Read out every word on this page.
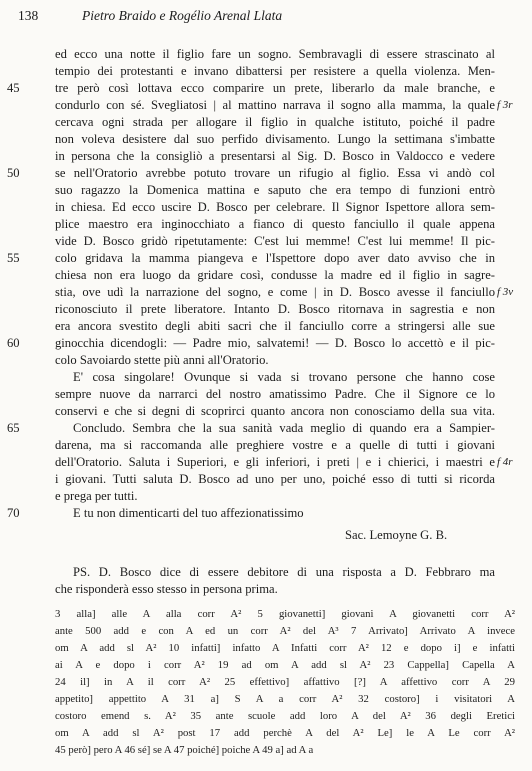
138	Pietro Braido e Rogélio Arenal Llata
ed ecco una notte il figlio fare un sogno. Sembravagli di essere strascinato al
tempio dei protestanti e invano dibattersi per resistere a quella violenza. Men-
tre però così lottava ecco comparire un prete, liberarlo da male branche, e
condurlo con sé. Svegliatosi | al mattino narrava il sogno alla mamma, la quale
cercava ogni strada per allogare il figlio in qualche istituto, poiché il padre
non voleva desistere dal suo perfido divisamento. Lungo la settimana s'imbatte
in persona che la consigliò a presentarsi al Sig. D. Bosco in Valdocco e vedere
se nell'Oratorio avrebbe potuto trovare un rifugio al figlio. Essa vi andò col
suo ragazzo la Domenica mattina e saputo che era tempo di funzioni entrò
in chiesa. Ed ecco uscire D. Bosco per celebrare. Il Signor Ispettore allora sem-
plice maestro era inginocchiato a fianco di questo fanciullo il quale appena
vide D. Bosco gridò ripetutamente: C'est lui memme! C'est lui memme! Il pic-
colo gridava la mamma piangeva e l'Ispettore dopo aver dato avviso che in
chiesa non era luogo da gridare così, condusse la madre ed il figlio in sagre-
stia, ove udì la narrazione del sogno, e come | in D. Bosco avesse il fanciullo
riconosciuto il prete liberatore. Intanto D. Bosco ritornava in sagrestia e non
era ancora svestito degli abiti sacri che il fanciullo corre a stringersi alle sue
ginocchia dicendogli: — Padre mio, salvatemi! — D. Bosco lo accettò e il pic-
colo Savoiardo stette più anni all'Oratorio.
E' cosa singolare! Ovunque si vada si trovano persone che hanno cose
sempre nuove da narrarci del nostro amatissimo Padre. Che il Signore ce lo
conservi e che si degni di scoprirci quanto ancora non conosciamo della sua vita.
Concludo. Sembra che la sua sanità vada meglio di quando era a Sampier-
darena, ma si raccomanda alle preghiere vostre e a quelle di tutti i giovani
dell'Oratorio. Saluta i Superiori, e gli inferiori, i preti | e i chierici, i maestri e
i giovani. Tutti saluta D. Bosco ad uno per uno, poiché esso di tutti si ricorda
e prega per tutti.
E tu non dimenticarti del tuo affezionatissimo
45
50
55
60
65
70
f 3r
f 3v
f 4r
Sac. Lemoyne G. B.
PS. D. Bosco dice di essere debitore di una risposta a D. Febbraro ma
che risponderà esso stesso in persona prima.
3 alla] alle A alla corr A² 5 giovanetti] giovani A giovanetti corr A²
ante 500 add e con A ed un corr A² del A³ 7 Arrivato] Arrivato A invece
om A add sl A² 10 infatti] infatto A Infatti corr A² 12 e dopo i] e infatti
ai A e dopo i corr A² 19 ad om A add sl A² 23 Cappella] Capella A
24 il] in A il corr A² 25 effettivo] affattivo [?] A affettivo corr A 29
appetito] appettito A 31 a] S A a corr A² 32 costoro] i visitatori A
costoro emend s. A² 35 ante scuole add loro A del A² 36 degli Eretici
om A add sl A² post 17 add perchè A del A² Le] le A Le corr A²
45 però] pero A 46 sé] se A 47 poiché] poiche A 49 a] ad A a
